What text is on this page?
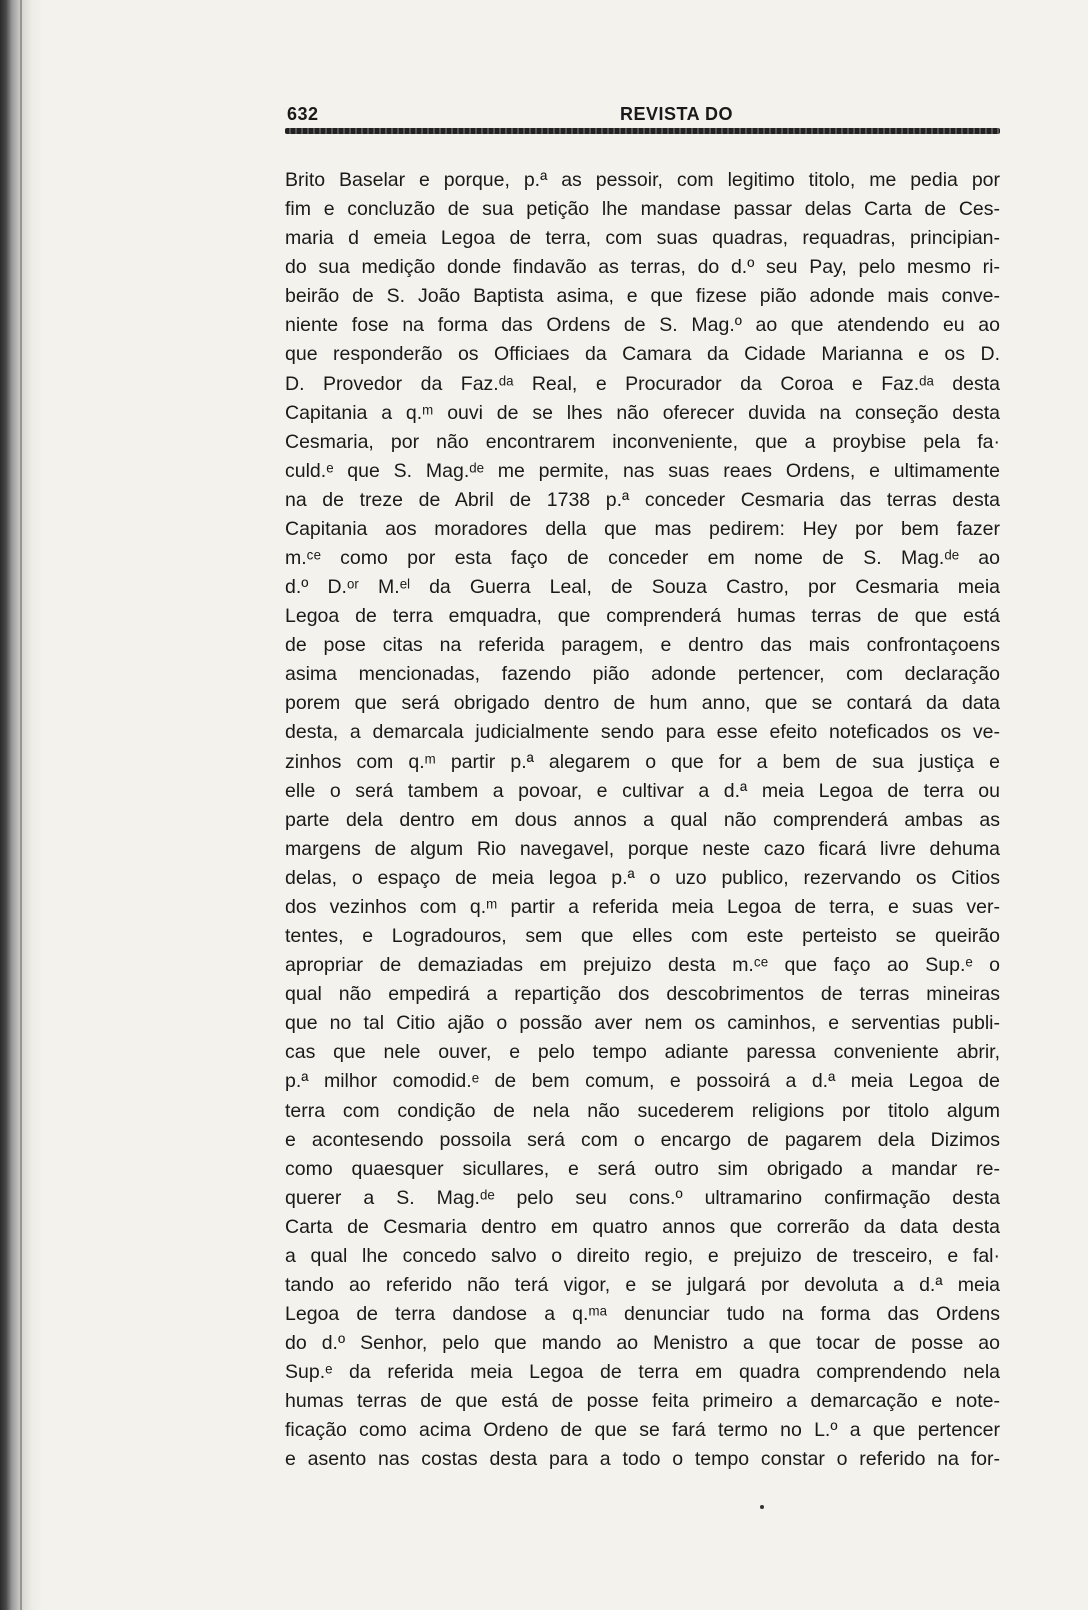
632	REVISTA DO
Brito Baselar e porque, p.ª as pessoir, com legitimo titolo, me pedia por
fim e concluzão de sua petição lhe mandase passar delas Carta de Ces-
maria d emeia Legoa de terra, com suas quadras, requadras, principian-
do sua medição donde findavão as terras, do d.º seu Pay, pelo mesmo ri-
beirão de S. João Baptista asima, e que fizese pião adonde mais conve-
niente fose na forma das Ordens de S. Mag.º ao que atendendo eu ao
que responderão os Officiaes da Camara da Cidade Marianna e os D.
D. Provedor da Faz.ᵈᵃ Real, e Procurador da Coroa e Faz.ᵈᵃ desta
Capitania a q.ᵐ ouvi de se lhes não oferecer duvida na conseção desta
Cesmaria, por não encontrarem inconveniente, que a proybise pela fa·
culd.ᵉ que S. Mag.ᵈᵉ me permite, nas suas reaes Ordens, e ultimamente
na de treze de Abril de 1738 p.ª conceder Cesmaria das terras desta
Capitania aos moradores della que mas pedirem: Hey por bem fazer
m.ᶜᵉ como por esta faço de conceder em nome de S. Mag.ᵈᵉ ao
d.º D.ᵒʳ M.ᵉˡ da Guerra Leal, de Souza Castro, por Cesmaria meia
Legoa de terra emquadra, que comprenderá humas terras de que está
de pose citas na referida paragem, e dentro das mais confrontaçoens
asima mencionadas, fazendo pião adonde pertencer, com declaração
porem que será obrigado dentro de hum anno, que se contará da data
desta, a demarcala judicialmente sendo para esse efeito noteficados os ve-
zinhos com q.ᵐ partir p.ª alegarem o que for a bem de sua justiça e
elle o será tambem a povoar, e cultivar a d.ª meia Legoa de terra ou
parte dela dentro em dous annos a qual não comprenderá ambas as
margens de algum Rio navegavel, porque neste cazo ficará livre dehuma
delas, o espaço de meia legoa p.ª o uzo publico, rezervando os Citios
dos vezinhos com q.ᵐ partir a referida meia Legoa de terra, e suas ver-
tentes, e Logradouros, sem que elles com este perteisto se queirão
apropriar de demaziadas em prejuizo desta m.ᶜᵉ que faço ao Sup.ᵉ o
qual não empedirá a repartição dos descobrimentos de terras mineiras
que no tal Citio ajão o possão aver nem os caminhos, e serventias publi-
cas que nele ouver, e pelo tempo adiante paressa conveniente abrir,
p.ª milhor comodid.ᵉ de bem comum, e possoirá a d.ª meia Legoa de
terra com condição de nela não sucederem religions por titolo algum
e acontesendo possoila será com o encargo de pagarem dela Dizimos
como quaesquer sicullares, e será outro sim obrigado a mandar re-
querer a S. Mag.ᵈᵉ pelo seu cons.º ultramarino confirmação desta
Carta de Cesmaria dentro em quatro annos que correrão da data desta
a qual lhe concedo salvo o direito regio, e prejuizo de tresceiro, e fal·
tando ao referido não terá vigor, e se julgará por devoluta a d.ª meia
Legoa de terra dandose a q.ᵐᵃ denunciar tudo na forma das Ordens
do d.º Senhor, pelo que mando ao Menistro a que tocar de posse ao
Sup.ᵉ da referida meia Legoa de terra em quadra comprendendo nela
humas terras de que está de posse feita primeiro a demarcação e note-
ficação como acima Ordeno de que se fará termo no L.º a que pertencer
e asento nas costas desta para a todo o tempo constar o referido na for-
